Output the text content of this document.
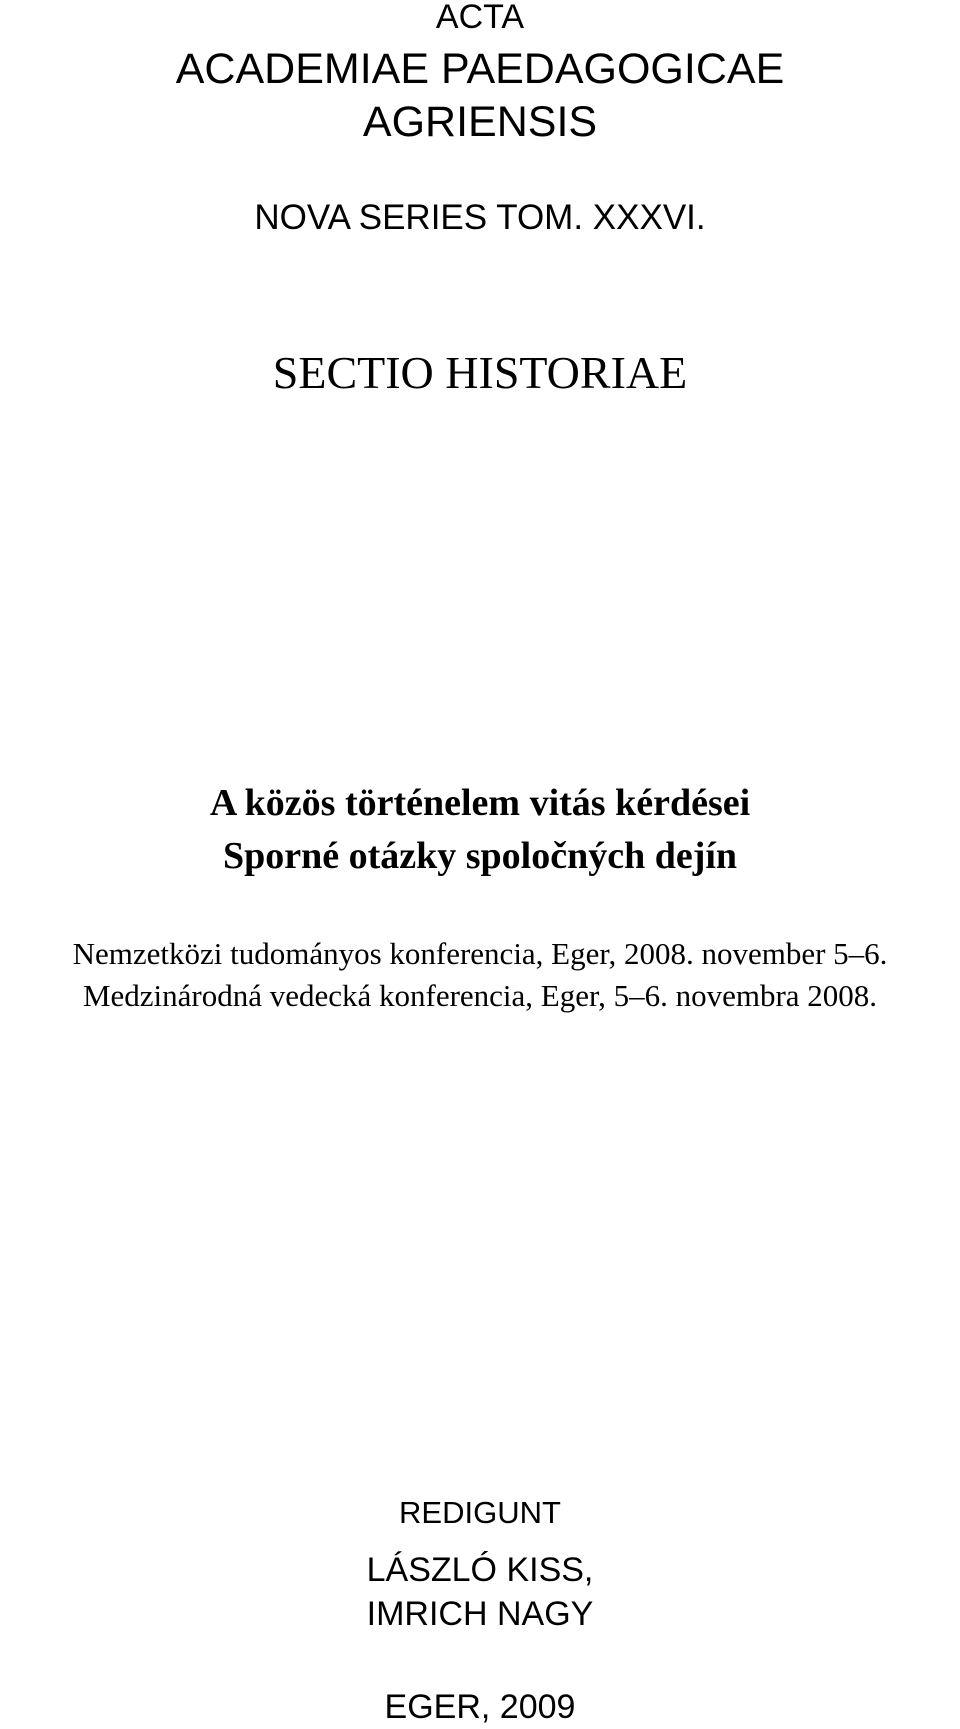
ACTA
ACADEMIAE PAEDAGOGICAE
AGRIENSIS
NOVA SERIES TOM. XXXVI.
SECTIO HISTORIAE
A közös történelem vitás kérdései
Sporné otázky spoločných dejín
Nemzetközi tudományos konferencia, Eger, 2008. november 5–6.
Medzinárodná vedecká konferencia, Eger, 5–6. novembra 2008.
REDIGUNT
LÁSZLÓ KISS,
IMRICH NAGY
EGER, 2009
